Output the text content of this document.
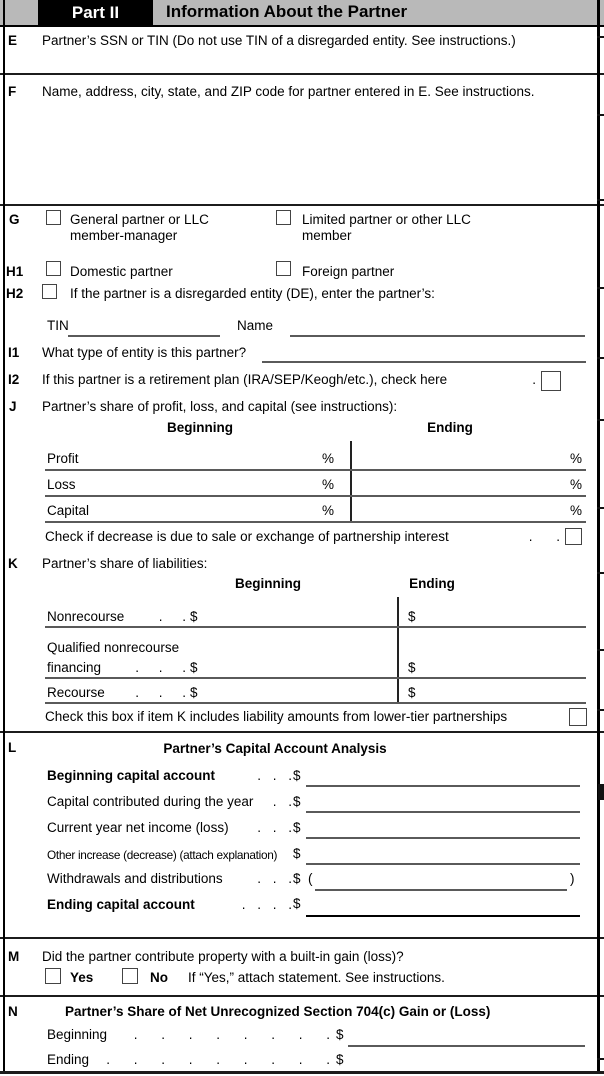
Part II	Information About the Partner
E Partner’s SSN or TIN (Do not use TIN of a disregarded entity. See instructions.)
F Name, address, city, state, and ZIP code for partner entered in E. See instructions.
G	General partner or LLC member-manager
Limited partner or other LLC member
H1	Domestic partner	Foreign partner
H2	If the partner is a disregarded entity (DE), enter the partner’s:
TIN	Name
I1 What type of entity is this partner?
I2 If this partner is a retirement plan (IRA/SEP/Keogh/etc.), check here	.
J Partner’s share of profit, loss, and capital (see instructions):
Beginning	Ending
Profit	%	%
Loss	%	%
Capital	%	%
Check if decrease is due to sale or exchange of partnership interest	. .
K Partner’s share of liabilities:
Beginning	Ending
Nonrecourse	. . $	$
Qualified nonrecourse
financing	. . . $	$
Recourse . . . $	$
Check this box if item K includes liability amounts from lower-tier partnerships
L	Partner’s Capital Account Analysis
Beginning capital account	. . . $
Capital contributed during the year . . $
Current year net income (loss) . . . $
Other increase (decrease) (attach explanation)	$
Withdrawals and distributions	. . . $ (	)
Ending capital account	. . . . $
M Did the partner contribute property with a built-in gain (loss)?
Yes	No If “Yes,” attach statement. See instructions.
N	Partner’s Share of Net Unrecognized Section 704(c) Gain or (Loss)
Beginning . . . . . . . . $
Ending . . . . . . . . . $
